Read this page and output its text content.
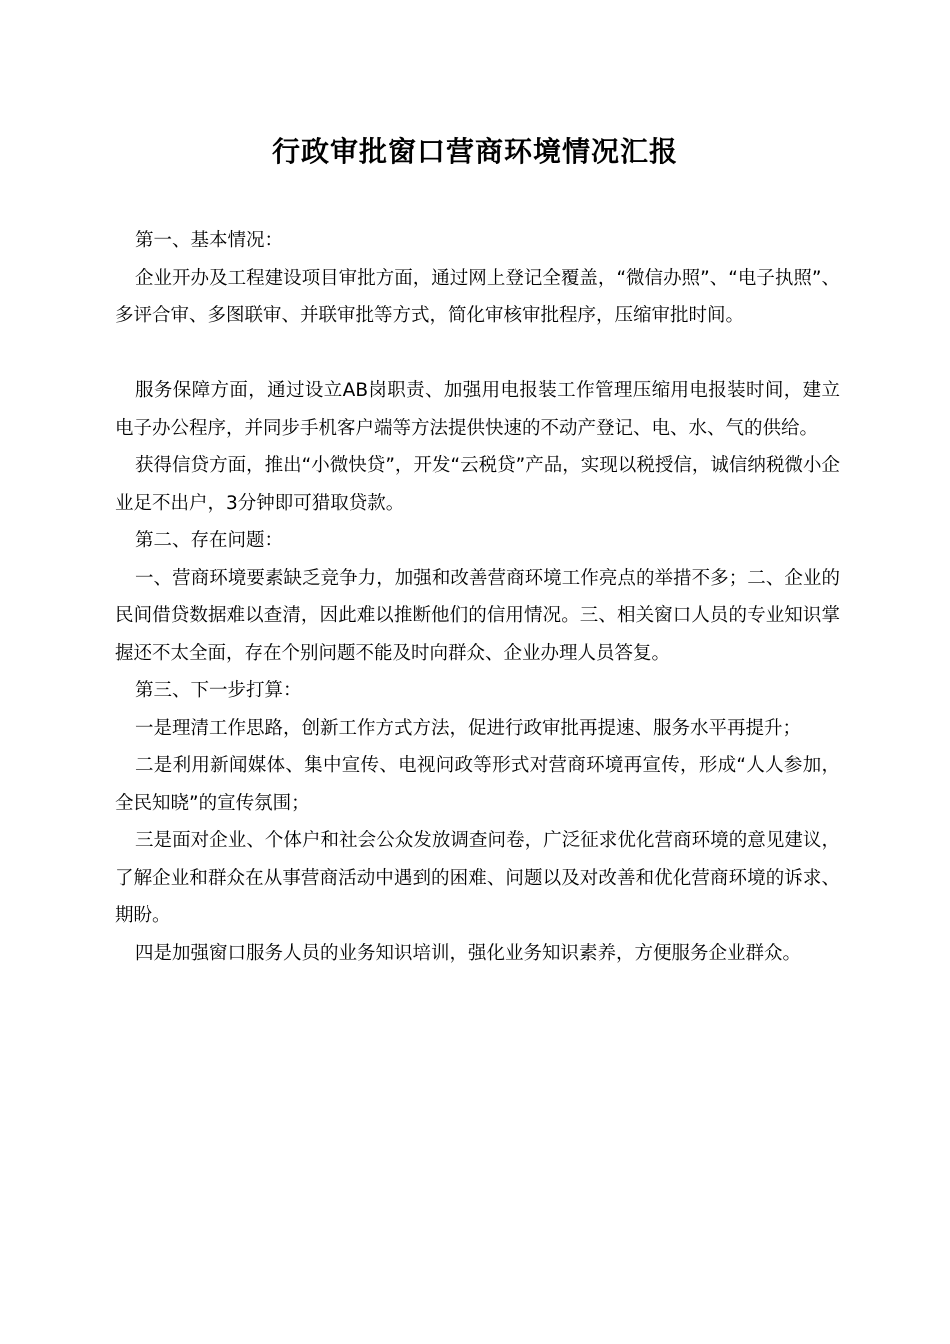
行政审批窗口营商环境情况汇报

第一、基本情况：

企业开办及工程建设项目审批方面，通过网上登记全覆盖，“微信办照”、“电子执照”、多评合审、多图联审、并联审批等方式，简化审核审批程序，压缩审批时间。

服务保障方面，通过设立AB岗职责、加强用电报装工作管理压缩用电报装时间，建立电子办公程序，并同步手机客户端等方法提供快速的不动产登记、电、水、气的供给。

获得信贷方面，推出“小微快贷”，开发“云税贷”产品，实现以税授信，诚信纳税微小企业足不出户，3分钟即可猎取贷款。

第二、存在问题：

一、营商环境要素缺乏竞争力，加强和改善营商环境工作亮点的举措不多；二、企业的民间借贷数据难以查清，因此难以推断他们的信用情况。三、相关窗口人员的专业知识掌握还不太全面，存在个别问题不能及时向群众、企业办理人员答复。

第三、下一步打算：

一是理清工作思路，创新工作方式方法，促进行政审批再提速、服务水平再提升；

二是利用新闻媒体、集中宣传、电视问政等形式对营商环境再宣传，形成“人人参加，全民知晓”的宣传氛围；

三是面对企业、个体户和社会公众发放调查问卷，广泛征求优化营商环境的意见建议，了解企业和群众在从事营商活动中遇到的困难、问题以及对改善和优化营商环境的诉求、期盼。

四是加强窗口服务人员的业务知识培训，强化业务知识素养，方便服务企业群众。
